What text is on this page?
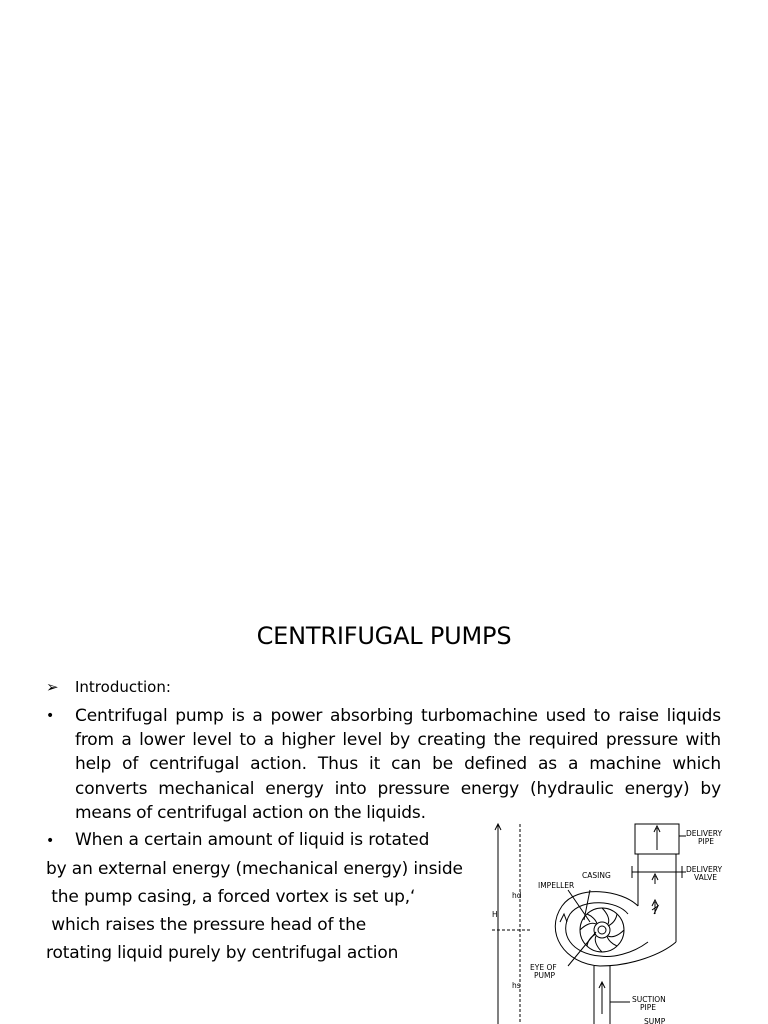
CENTRIFUGAL PUMPS
➢ Introduction:
•	Centrifugal pump is a power absorbing turbomachine used to raise liquids from a lower level to a higher level by creating the required pressure with help of centrifugal action. Thus it can be defined as a machine which converts mechanical energy into pressure energy (hydraulic energy) by means of centrifugal action on the liquids.
• When a certain amount of liquid is rotated
by an external energy (mechanical energy) inside
the pump casing, a forced vortex is set up,‘
which raises the pressure head of the
rotating liquid purely by centrifugal action
DELIVERY
PIPE
DELIVERY
VALVE
CASING
IMPELLER
EYE OF
PUMP
SUCTION
PIPE
SUMP
H
hd
hs
